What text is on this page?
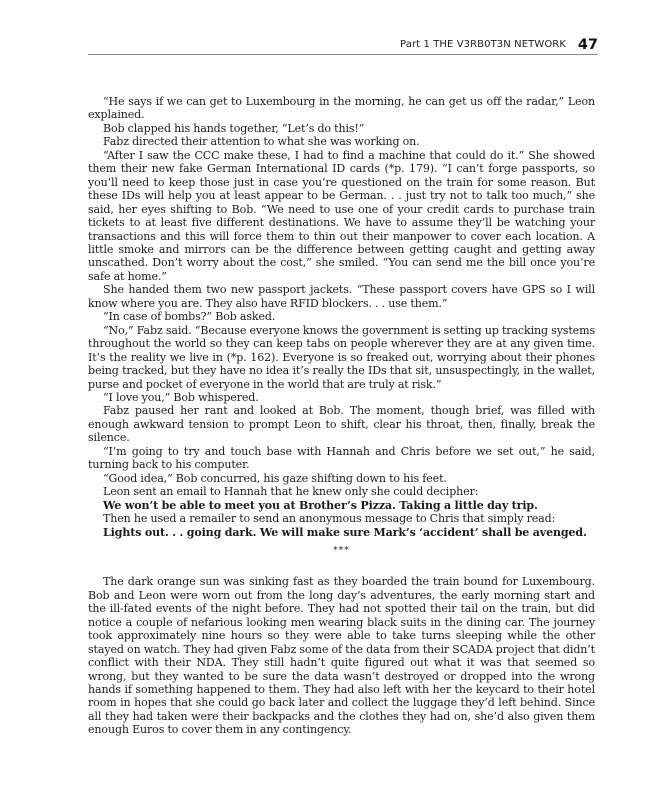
Part 1 THE V3RB0T3N NETWORK 47

“He says if we can get to Luxembourg in the morning, he can get us off the radar,” Leon explained.

Bob clapped his hands together, “Let’s do this!”

Fabz directed their attention to what she was working on.

“After I saw the CCC make these, I had to find a machine that could do it.” She showed them their new fake German International ID cards (*p. 179). “I can’t forge passports, so you’ll need to keep those just in case you’re questioned on the train for some reason. But these IDs will help you at least appear to be German. . . just try not to talk too much,” she said, her eyes shifting to Bob. “We need to use one of your credit cards to purchase train tickets to at least five different destinations. We have to assume they’ll be watching your transactions and this will force them to thin out their manpower to cover each location. A little smoke and mirrors can be the difference between getting caught and getting away unscathed. Don’t worry about the cost,” she smiled. “You can send me the bill once you’re safe at home.”

She handed them two new passport jackets. “These passport covers have GPS so I will know where you are. They also have RFID blockers. . . use them.”

“In case of bombs?” Bob asked.

“No,” Fabz said. “Because everyone knows the government is setting up tracking systems throughout the world so they can keep tabs on people wherever they are at any given time. It’s the reality we live in (*p. 162). Everyone is so freaked out, worrying about their phones being tracked, but they have no idea it’s really the IDs that sit, unsuspectingly, in the wallet, purse and pocket of everyone in the world that are truly at risk.”

“I love you,” Bob whispered.

Fabz paused her rant and looked at Bob. The moment, though brief, was filled with enough awkward tension to prompt Leon to shift, clear his throat, then, finally, break the silence.

“I’m going to try and touch base with Hannah and Chris before we set out,” he said, turning back to his computer.

“Good idea,” Bob concurred, his gaze shifting down to his feet.

Leon sent an email to Hannah that he knew only she could decipher:

We won’t be able to meet you at Brother’s Pizza. Taking a little day trip.

Then he used a remailer to send an anonymous message to Chris that simply read:

Lights out. . . going dark. We will make sure Mark’s ‘accident’ shall be avenged.

***

The dark orange sun was sinking fast as they boarded the train bound for Luxembourg. Bob and Leon were worn out from the long day’s adventures, the early morning start and the ill-fated events of the night before. They had not spotted their tail on the train, but did notice a couple of nefarious looking men wearing black suits in the dining car. The journey took approximately nine hours so they were able to take turns sleeping while the other stayed on watch. They had given Fabz some of the data from their SCADA project that didn’t conflict with their NDA. They still hadn’t quite figured out what it was that seemed so wrong, but they wanted to be sure the data wasn’t destroyed or dropped into the wrong hands if something happened to them. They had also left with her the keycard to their hotel room in hopes that she could go back later and collect the luggage they’d left behind. Since all they had taken were their backpacks and the clothes they had on, she’d also given them enough Euros to cover them in any contingency.
